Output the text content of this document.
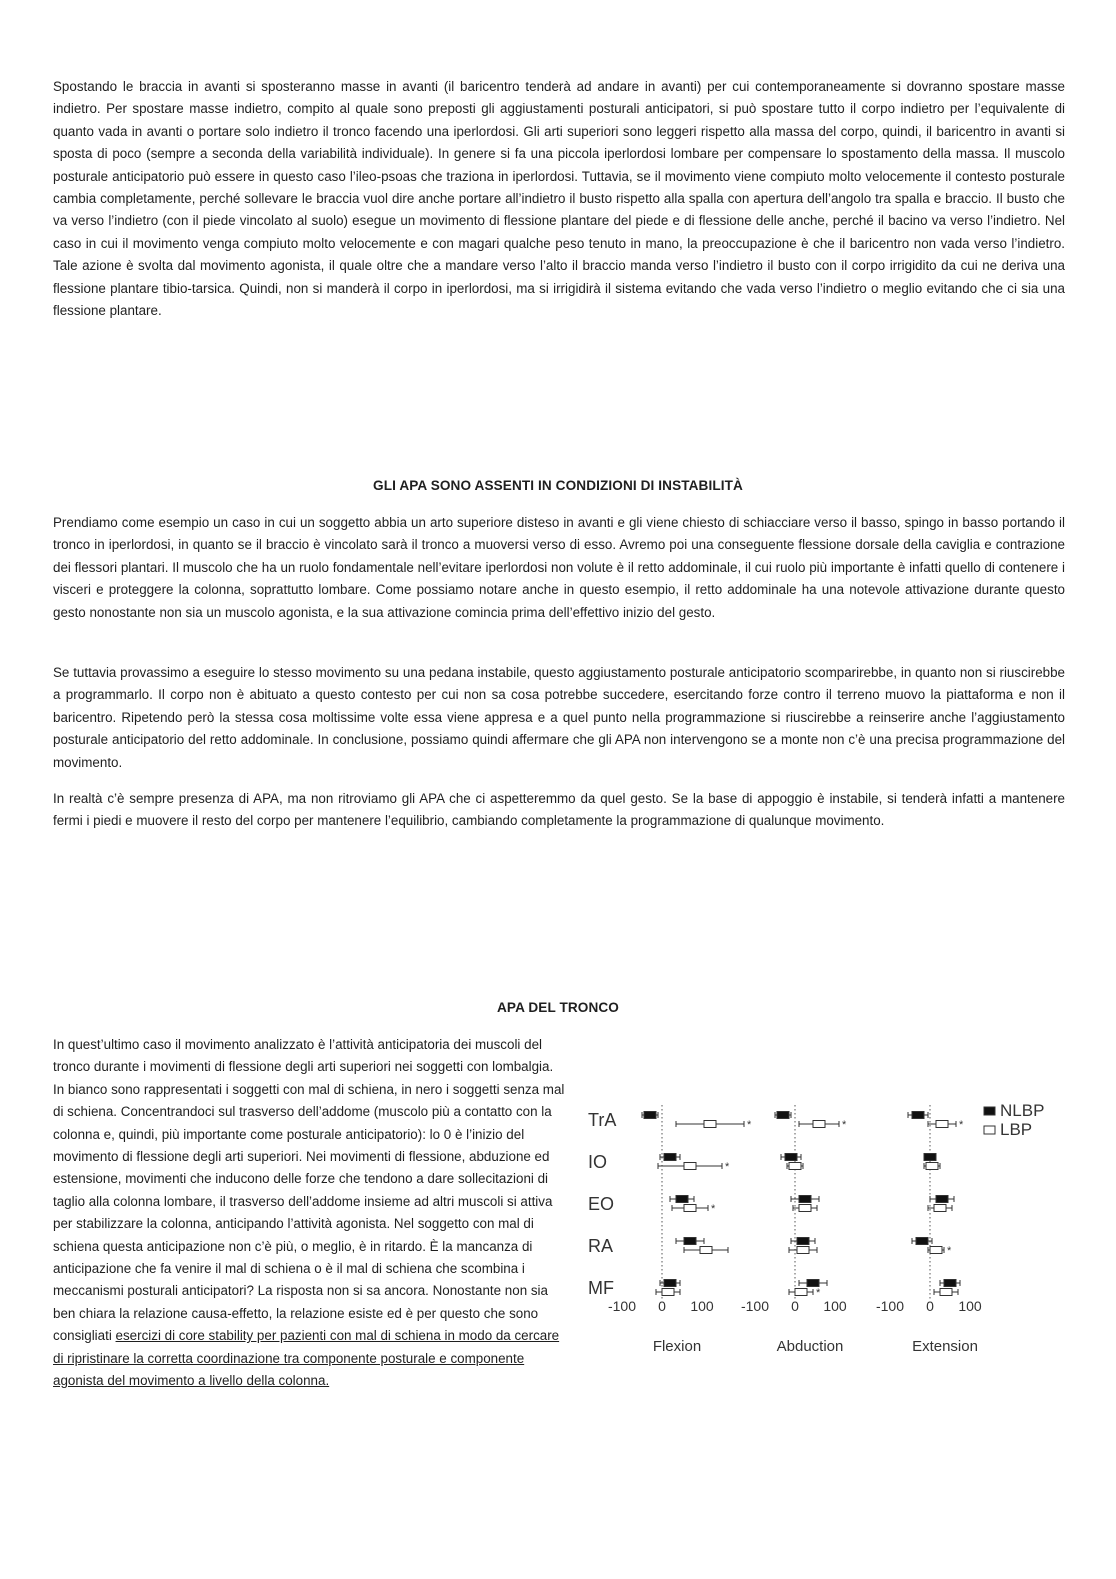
Spostando le braccia in avanti si sposteranno masse in avanti (il baricentro tenderà ad andare in avanti) per cui contemporaneamente si dovranno spostare masse indietro. Per spostare masse indietro, compito al quale sono preposti gli aggiustamenti posturali anticipatori, si può spostare tutto il corpo indietro per l’equivalente di quanto vada in avanti o portare solo indietro il tronco facendo una iperlordosi. Gli arti superiori sono leggeri rispetto alla massa del corpo, quindi, il baricentro in avanti si sposta di poco (sempre a seconda della variabilità individuale). In genere si fa una piccola iperlordosi lombare per compensare lo spostamento della massa. Il muscolo posturale anticipatorio può essere in questo caso l’ileo-psoas che traziona in iperlordosi. Tuttavia, se il movimento viene compiuto molto velocemente il contesto posturale cambia completamente, perché sollevare le braccia vuol dire anche portare all’indietro il busto rispetto alla spalla con apertura dell’angolo tra spalla e braccio. Il busto che va verso l’indietro (con il piede vincolato al suolo) esegue un movimento di flessione plantare del piede e di flessione delle anche, perché il bacino va verso l’indietro. Nel caso in cui il movimento venga compiuto molto velocemente e con magari qualche peso tenuto in mano, la preoccupazione è che il baricentro non vada verso l’indietro. Tale azione è svolta dal movimento agonista, il quale oltre che a mandare verso l’alto il braccio manda verso l’indietro il busto con il corpo irrigidito da cui ne deriva una flessione plantare tibio-tarsica. Quindi, non si manderà il corpo in iperlordosi, ma si irrigidirà il sistema evitando che vada verso l’indietro o meglio evitando che ci sia una flessione plantare.

GLI APA SONO ASSENTI IN CONDIZIONI DI INSTABILITÀ

Prendiamo come esempio un caso in cui un soggetto abbia un arto superiore disteso in avanti e gli viene chiesto di schiacciare verso il basso, spingo in basso portando il tronco in iperlordosi, in quanto se il braccio è vincolato sarà il tronco a muoversi verso di esso. Avremo poi una conseguente flessione dorsale della caviglia e contrazione dei flessori plantari. Il muscolo che ha un ruolo fondamentale nell’evitare iperlordosi non volute è il retto addominale, il cui ruolo più importante è infatti quello di contenere i visceri e proteggere la colonna, soprattutto lombare. Come possiamo notare anche in questo esempio, il retto addominale ha una notevole attivazione durante questo gesto nonostante non sia un muscolo agonista, e la sua attivazione comincia prima dell’effettivo inizio del gesto.

Se tuttavia provassimo a eseguire lo stesso movimento su una pedana instabile, questo aggiustamento posturale anticipatorio scomparirebbe, in quanto non si riuscirebbe a programmarlo. Il corpo non è abituato a questo contesto per cui non sa cosa potrebbe succedere, esercitando forze contro il terreno muovo la piattaforma e non il baricentro. Ripetendo però la stessa cosa moltissime volte essa viene appresa e a quel punto nella programmazione si riuscirebbe a reinserire anche l’aggiustamento posturale anticipatorio del retto addominale. In conclusione, possiamo quindi affermare che gli APA non intervengono se a monte non c’è una precisa programmazione del movimento.

In realtà c’è sempre presenza di APA, ma non ritroviamo gli APA che ci aspetteremmo da quel gesto. Se la base di appoggio è instabile, si tenderà infatti a mantenere fermi i piedi e muovere il resto del corpo per mantenere l’equilibrio, cambiando completamente la programmazione di qualunque movimento.

APA DEL TRONCO

In quest’ultimo caso il movimento analizzato è l’attività anticipatoria dei muscoli del tronco durante i movimenti di flessione degli arti superiori nei soggetti con lombalgia. In bianco sono rappresentati i soggetti con mal di schiena, in nero i soggetti senza mal di schiena. Concentrandoci sul trasverso dell’addome (muscolo più a contatto con la colonna e, quindi, più importante come posturale anticipatorio): lo 0 è l’inizio del movimento di flessione degli arti superiori. Nei movimenti di flessione, abduzione ed estensione, movimenti che inducono delle forze che tendono a dare sollecitazioni di taglio alla colonna lombare, il trasverso dell’addome insieme ad altri muscoli si attiva per stabilizzare la colonna, anticipando l’attività agonista. Nel soggetto con mal di schiena questa anticipazione non c’è più, o meglio, è in ritardo. È la mancanza di anticipazione che fa venire il mal di schiena o è il mal di schiena che scombina i meccanismi posturali anticipatori? La risposta non si sa ancora. Nonostante non sia ben chiara la relazione causa-effetto, la relazione esiste ed è per questo che sono consigliati esercizi di core stability per pazienti con mal di schiena in modo da cercare di ripristinare la corretta coordinazione tra componente posturale e componente agonista del movimento a livello della colonna.

TrA
IO
EO
RA
MF
-100 0 100
Flexion
*
*
*
-100 0 100
Abduction
*
*
-100 0 100
Extension
*
*
NLBP
LBP
